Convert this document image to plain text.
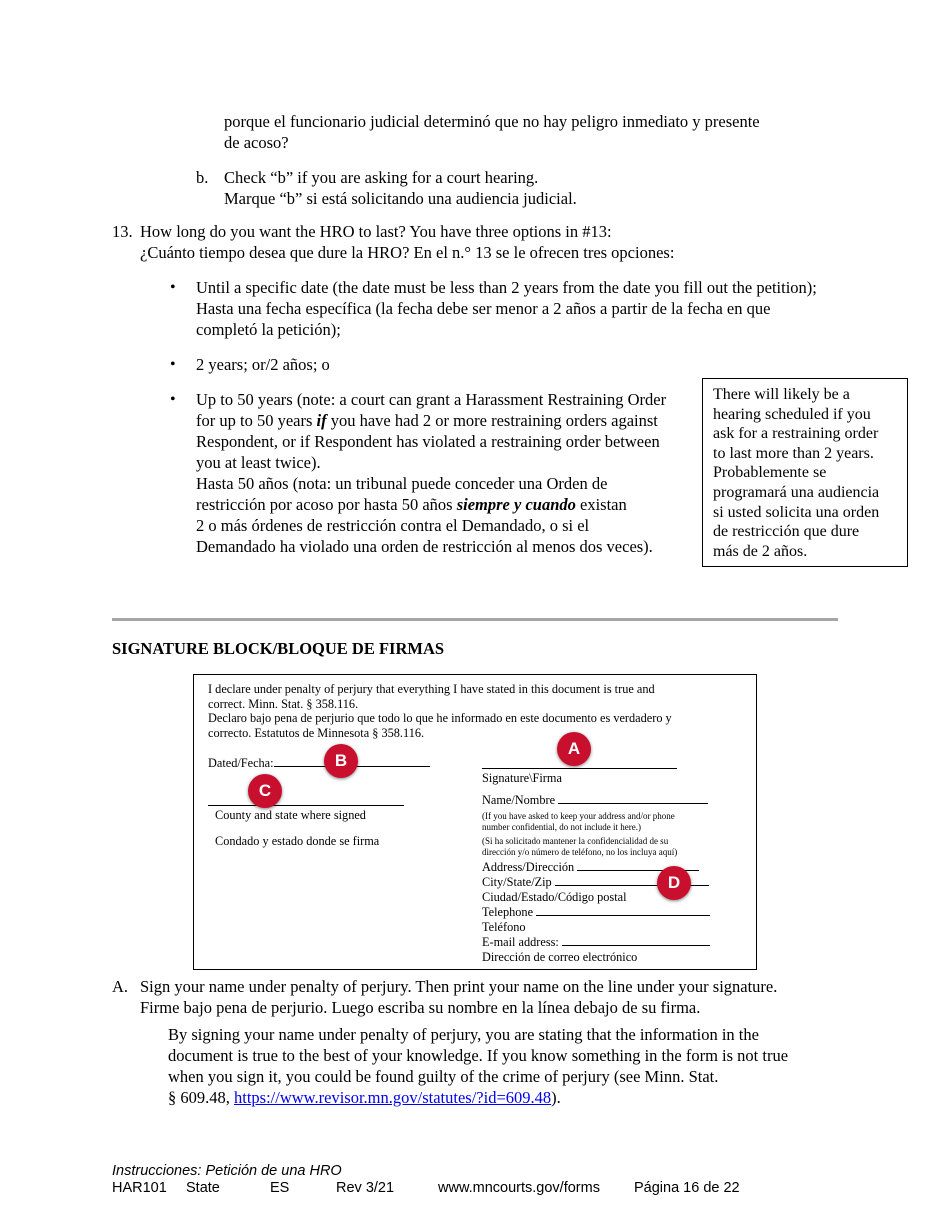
porque el funcionario judicial determinó que no hay peligro inmediato y presente
de acoso?
b. Check “b” if you are asking for a court hearing.
Marque “b” si está solicitando una audiencia judicial.
13. How long do you want the HRO to last? You have three options in #13:
¿Cuánto tiempo desea que dure la HRO? En el n.° 13 se le ofrecen tres opciones:
• Until a specific date (the date must be less than 2 years from the date you fill out the petition);
Hasta una fecha específica (la fecha debe ser menor a 2 años a partir de la fecha en que
completó la petición);
• 2 years; or/2 años; o
• Up to 50 years (note: a court can grant a Harassment Restraining Order
for up to 50 years if you have had 2 or more restraining orders against
Respondent, or if Respondent has violated a restraining order between
you at least twice).
Hasta 50 años (nota: un tribunal puede conceder una Orden de
restricción por acoso por hasta 50 años siempre y cuando existan
2 o más órdenes de restricción contra el Demandado, o si el
Demandado ha violado una orden de restricción al menos dos veces).
There will likely be a
hearing scheduled if you
ask for a restraining order
to last more than 2 years.
Probablemente se
programará una audiencia
si usted solicita una orden
de restricción que dure
más de 2 años.
SIGNATURE BLOCK/BLOQUE DE FIRMAS
I declare under penalty of perjury that everything I have stated in this document is true and
correct. Minn. Stat. § 358.116.
Declaro bajo pena de perjurio que todo lo que he informado en este documento es verdadero y
correcto. Estatutos de Minnesota § 358.116.
Dated/Fecha:
County and state where signed
Condado y estado donde se firma
Signature\Firma
Name/Nombre
(If you have asked to keep your address and/or phone
number confidential, do not include it here.)
(Si ha solicitado mantener la confidencialidad de su
dirección y/o número de teléfono, no los incluya aquí)
Address/Dirección
City/State/Zip
Ciudad/Estado/Código postal
Telephone
Teléfono
E-mail address:
Dirección de correo electrónico
A
B
C
D
A. Sign your name under penalty of perjury. Then print your name on the line under your signature.
Firme bajo pena de perjurio. Luego escriba su nombre en la línea debajo de su firma.
By signing your name under penalty of perjury, you are stating that the information in the
document is true to the best of your knowledge. If you know something in the form is not true
when you sign it, you could be found guilty of the crime of perjury (see Minn. Stat.
§ 609.48, https://www.revisor.mn.gov/statutes/?id=609.48).
Instrucciones: Petición de una HRO
HAR101 State	ES	Rev 3/21	www.mncourts.gov/forms Página 16 de 22
